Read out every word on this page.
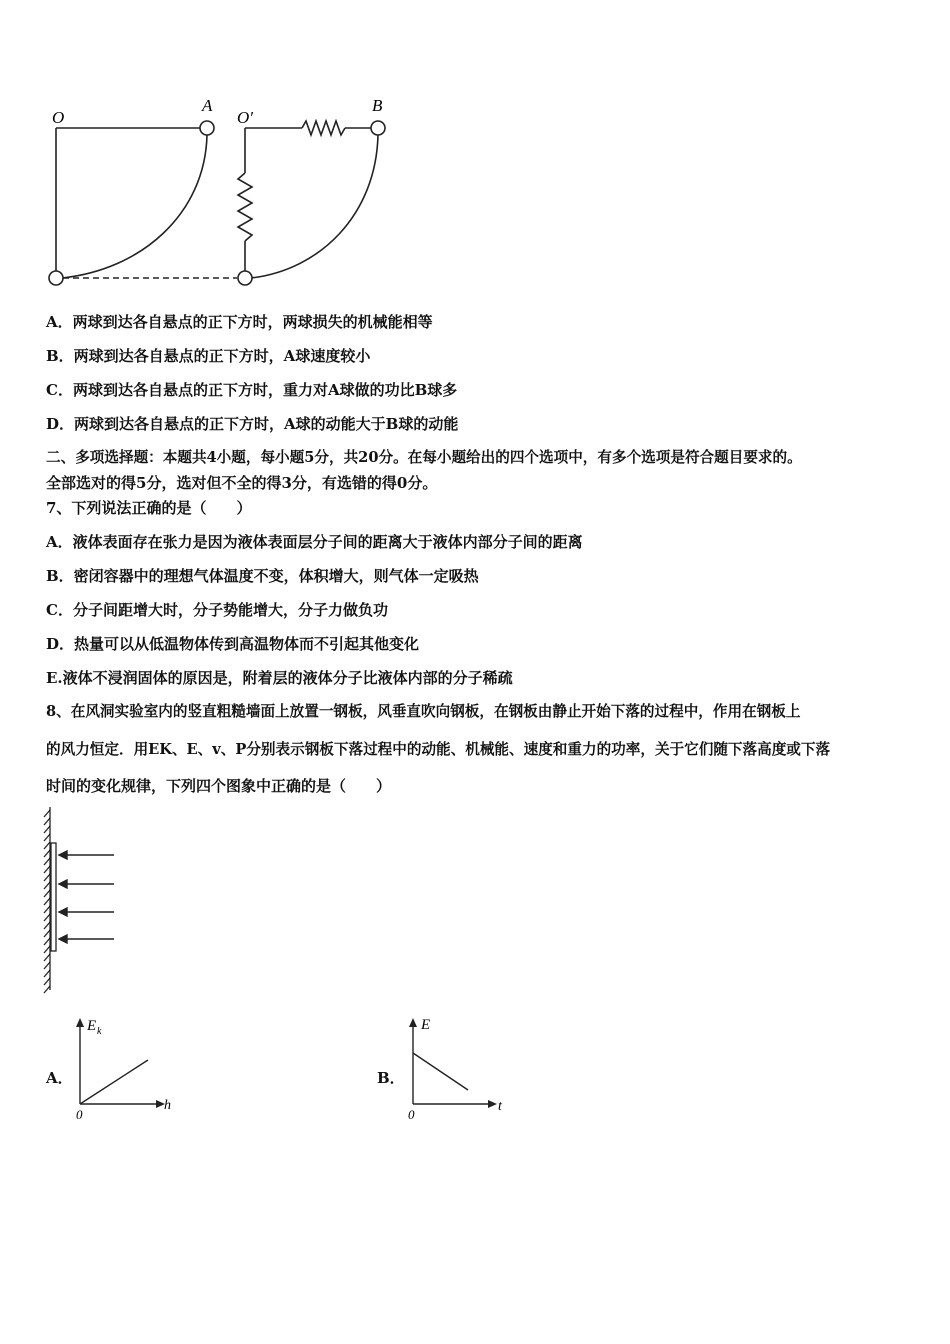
O
A
O′
B
A．两球到达各自悬点的正下方时，两球损失的机械能相等
B．两球到达各自悬点的正下方时，A球速度较小
C．两球到达各自悬点的正下方时，重力对A球做的功比B球多
D．两球到达各自悬点的正下方时，A球的动能大于B球的动能
二、多项选择题：本题共4小题，每小题5分，共20分。在每小题给出的四个选项中，有多个选项是符合题目要求的。
全部选对的得5分，选对但不全的得3分，有选错的得0分。
7、下列说法正确的是（　　）
A．液体表面存在张力是因为液体表面层分子间的距离大于液体内部分子间的距离
B．密闭容器中的理想气体温度不变，体积增大，则气体一定吸热
C．分子间距增大时，分子势能增大，分子力做负功
D．热量可以从低温物体传到高温物体而不引起其他变化
E.液体不浸润固体的原因是，附着层的液体分子比液体内部的分子稀疏
8、在风洞实验室内的竖直粗糙墙面上放置一钢板，风垂直吹向钢板，在钢板由静止开始下落的过程中，作用在钢板上
的风力恒定．用EK、E、v、P分别表示钢板下落过程中的动能、机械能、速度和重力的功率，关于它们随下落高度或下落
时间的变化规律，下列四个图象中正确的是（　　）
A．
E k
h
0
B．
E
t
0
